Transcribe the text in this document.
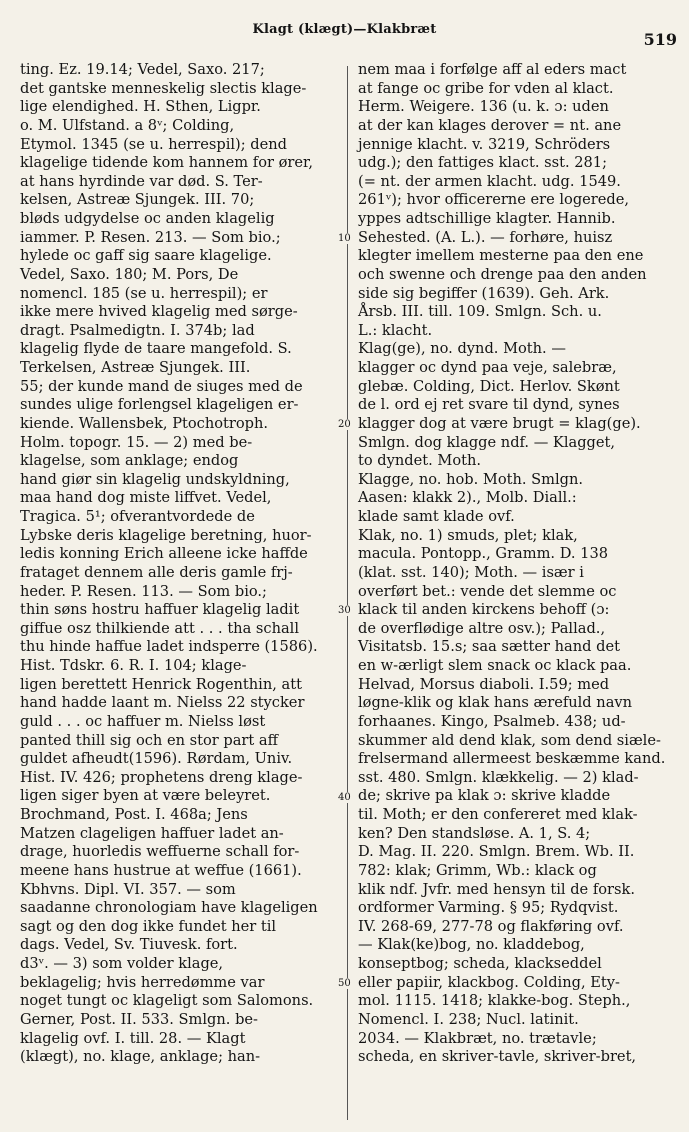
Klagt (klægt)—Klakbræt
519
ting. Ez. 19.14; Vedel, Saxo. 217;
det gantske menneskelig slectis klage-
lige elendighed. H. Sthen, Ligpr.
o. M. Ulfstand. a 8ᵛ; Colding,
Etymol. 1345 (se u. herrespil); dend
klagelige tidende kom hannem for ører,
at hans hyrdinde var død. S. Ter-
kelsen, Astreæ Sjungek. III. 70;
bløds udgydelse oc anden klagelig
iammer. P. Resen. 213. — Som bio.;
hylede oc gaff sig saare klagelige.
Vedel, Saxo. 180; M. Pors, De
nomencl. 185 (se u. herrespil); er
ikke mere hvived klagelig med sørge-
dragt. Psalmedigtn. I. 374b; lad
klagelig flyde de taare mangefold. S.
Terkelsen, Astreæ Sjungek. III.
55; der kunde mand de siuges med de
sundes ulige forlengsel klageligen er-
kiende. Wallensbek, Ptochotroph.
Holm. topogr. 15. — 2) med be-
klagelse, som anklage; endog
hand giør sin klagelig undskyldning,
maa hand dog miste liffvet. Vedel,
Tragica. 5¹; ofverantvordede de
Lybske deris klagelige beretning, huor-
ledis konning Erich alleene icke haffde
frataget dennem alle deris gamle frj-
heder. P. Resen. 113. — Som bio.;
thin søns hostru haffuer klagelig ladit
giffue osz thilkiende att . . . tha schall
thu hinde haffue ladet indsperre (1586).
Hist. Tdskr. 6. R. I. 104; klage-
ligen berettett Henrick Rogenthin, att
hand hadde laant m. Nielss 22 stycker
guld . . . oc haffuer m. Nielss løst
panted thill sig och en stor part aff
guldet afheudt(1596). Rørdam, Univ.
Hist. IV. 426; prophetens dreng klage-
ligen siger byen at være beleyret.
Brochmand, Post. I. 468a; Jens
Matzen clageligen haffuer ladet an-
drage, huorledis weffuerne schall for-
meene hans hustrue at weffue (1661).
Kbhvns. Dipl. VI. 357. — som
saadanne chronologiam have klageligen
sagt og den dog ikke fundet her til
dags. Vedel, Sv. Tiuvesk. fort.
d3ᵛ. — 3) som volder klage,
beklagelig; hvis herredømme var
noget tungt oc klageligt som Salomons.
Gerner, Post. II. 533. Smlgn. be-
klagelig ovf. I. till. 28. — Klagt
(klægt), no. klage, anklage; han-
nem maa i forfølge aff al eders mact
at fange oc gribe for vden al klact.
Herm. Weigere. 136 (u. k. ɔ: uden
at der kan klages derover = nt. ane
jennige klacht. v. 3219, Schröders
udg.); den fattiges klact. sst. 281;
(= nt. der armen klacht. udg. 1549.
261ᵛ); hvor officererne ere logerede,
yppes adtschillige klagter. Hannib.
Sehested. (A. L.). — forhøre, huisz
klegter imellem mesterne paa den ene
och swenne och drenge paa den anden
side sig begiffer (1639). Geh. Ark.
Årsb. III. till. 109. Smlgn. Sch. u.
L.: klacht.
Klag(ge), no. dynd. Moth. —
klagger oc dynd paa veje, salebræ,
glebæ. Colding, Dict. Herlov. Skønt
de l. ord ej ret svare til dynd, synes
klagger dog at være brugt = klag(ge).
Smlgn. dog klagge ndf. — Klagget,
to dyndet. Moth.
Klagge, no. hob. Moth. Smlgn.
Aasen: klakk 2)., Molb. Diall.:
klade samt klade ovf.
Klak, no. 1) smuds, plet; klak,
macula. Pontopp., Gramm. D. 138
(klat. sst. 140); Moth. — især i
overført bet.: vende det slemme oc
klack til anden kirckens behoff (ɔ:
de overflødige altre osv.); Pallad.,
Visitatsb. 15.s; saa sætter hand det
en w-ærligt slem snack oc klack paa.
Helvad, Morsus diaboli. I.59; med
løgne-klik og klak hans ærefuld navn
forhaanes. Kingo, Psalmeb. 438; ud-
skummer ald dend klak, som dend siæle-
frelsermand allermeest beskæmme kand.
sst. 480. Smlgn. klækkelig. — 2) klad-
de; skrive pa klak ɔ: skrive kladde
til. Moth; er den confereret med klak-
ken? Den standsløse. A. 1, S. 4;
D. Mag. II. 220. Smlgn. Brem. Wb. II.
782: klak; Grimm, Wb.: klack og
klik ndf. Jvfr. med hensyn til de forsk.
ordformer Varming. § 95; Rydqvist.
IV. 268-69, 277-78 og flakføring ovf.
— Klak(ke)bog, no. kladdebog,
konseptbog; scheda, klackseddel
eller papiir, klackbog. Colding, Ety-
mol. 1115. 1418; klakke-bog. Steph.,
Nomencl. I. 238; Nucl. latinit.
2034. — Klakbræt, no. trætavle;
scheda, en skriver-tavle, skriver-bret,
10
20
30
40
50
